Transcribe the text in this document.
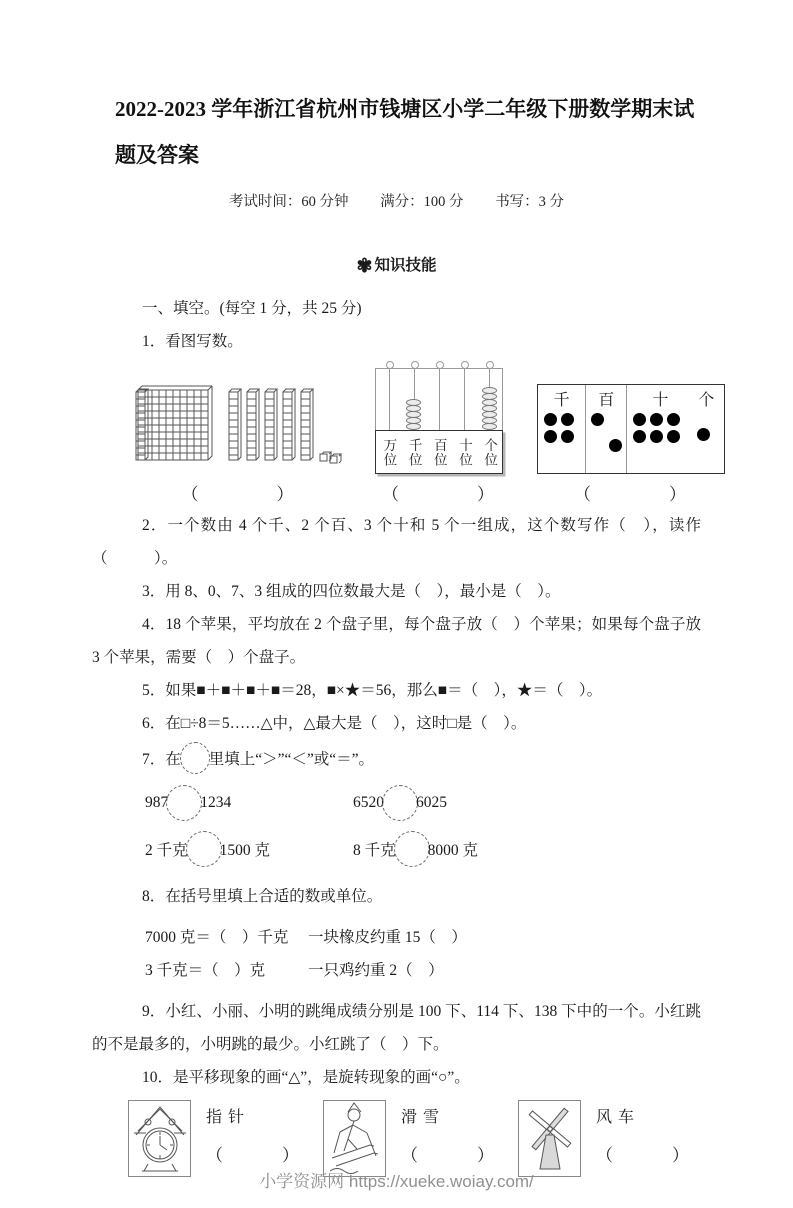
2022-2023 学年浙江省杭州市钱塘区小学二年级下册数学期末试题及答案
考试时间：60 分钟 满分：100 分 书写：3 分
✾ 知识技能

一、填空。(每空 1 分，共 25 分)

1．看图写数。

（　　　　）
万位 千位 百位 十位 个位
（　　　　）
千	百	十 个
（　　　　）

2．一个数由 4 个千、2 个百、3 个十和 5 个一组成，这个数写作（　），读作（　　　）。

3．用 8、0、7、3 组成的四位数最大是（　），最小是（　）。

4．18 个苹果，平均放在 2 个盘子里，每个盘子放（　）个苹果；如果每个盘子放 3 个苹果，需要（　）个盘子。

5．如果■＋■＋■＋■＝28，■×★＝56，那么■＝（　），★＝（　）。

6．在□÷8＝5……△中，△最大是（　），这时□是（　）。

7．在 里填上“＞”“＜”或“＝”。

987 1234	6520 6025
2 千克 1500 克	8 千克 8000 克

8．在括号里填上合适的数或单位。

7000 克＝（　）千克	一块橡皮约重 15（　）
3 千克＝（　）克	一只鸡约重 2（　）

9．小红、小丽、小明的跳绳成绩分别是 100 下、114 下、138 下中的一个。小红跳的不是最多的，小明跳的最少。小红跳了（　）下。

10．是平移现象的画“△”，是旋转现象的画“○”。

指针
（　　　）
滑雪
（　　　）
风车
（　　　）
小学资源网 https://xueke.woiay.com/
